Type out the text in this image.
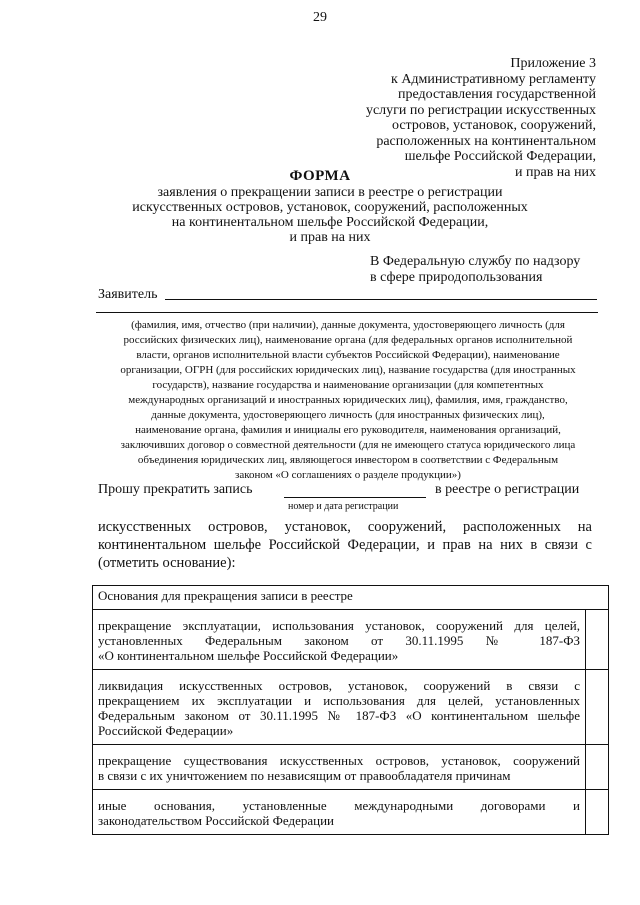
29
Приложение 3
к Административному регламенту
предоставления государственной
услуги по регистрации искусственных
островов, установок, сооружений,
расположенных на континентальном
шельфе Российской Федерации,
и прав на них
ФОРМА
заявления о прекращении записи в реестре о регистрации
искусственных островов, установок, сооружений, расположенных
на континентальном шельфе Российской Федерации,
и прав на них
В Федеральную службу по надзору
в сфере природопользования
Заявитель
(фамилия, имя, отчество (при наличии), данные документа, удостоверяющего личность (для
российских физических лиц), наименование органа (для федеральных органов исполнительной
власти, органов исполнительной власти субъектов Российской Федерации), наименование
организации, ОГРН (для российских юридических лиц), название государства (для иностранных
государств), название государства и наименование организации (для компетентных
международных организаций и иностранных юридических лиц), фамилия, имя, гражданство,
данные документа, удостоверяющего личность (для иностранных физических лиц),
наименование органа, фамилия и инициалы его руководителя, наименования организаций,
заключивших договор о совместной деятельности (для не имеющего статуса юридического лица
объединения юридических лиц, являющегося инвестором в соответствии с Федеральным
законом «О соглашениях о разделе продукции»)
Прошу прекратить запись	в реестре о регистрации
номер и дата регистрации
искусственных островов, установок, сооружений, расположенных на
континентальном шельфе Российской Федерации, и прав на них в связи с
(отметить основание):
Основания для прекращения записи в реестре	

прекращение эксплуатации, использования установок, сооружений для целей,
установленных Федеральным законом от 30.11.1995 № 187-ФЗ
«О континентальном шельфе Российской Федерации»	

ликвидация искусственных островов, установок, сооружений в связи с
прекращением их эксплуатации и использования для целей, установленных
Федеральным законом от 30.11.1995 № 187-ФЗ «О континентальном шельфе
Российской Федерации»	

прекращение существования искусственных островов, установок, сооружений
в связи с их уничтожением по независящим от правообладателя причинам	

иные основания, установленные международными договорами и
законодательством Российской Федерации	
